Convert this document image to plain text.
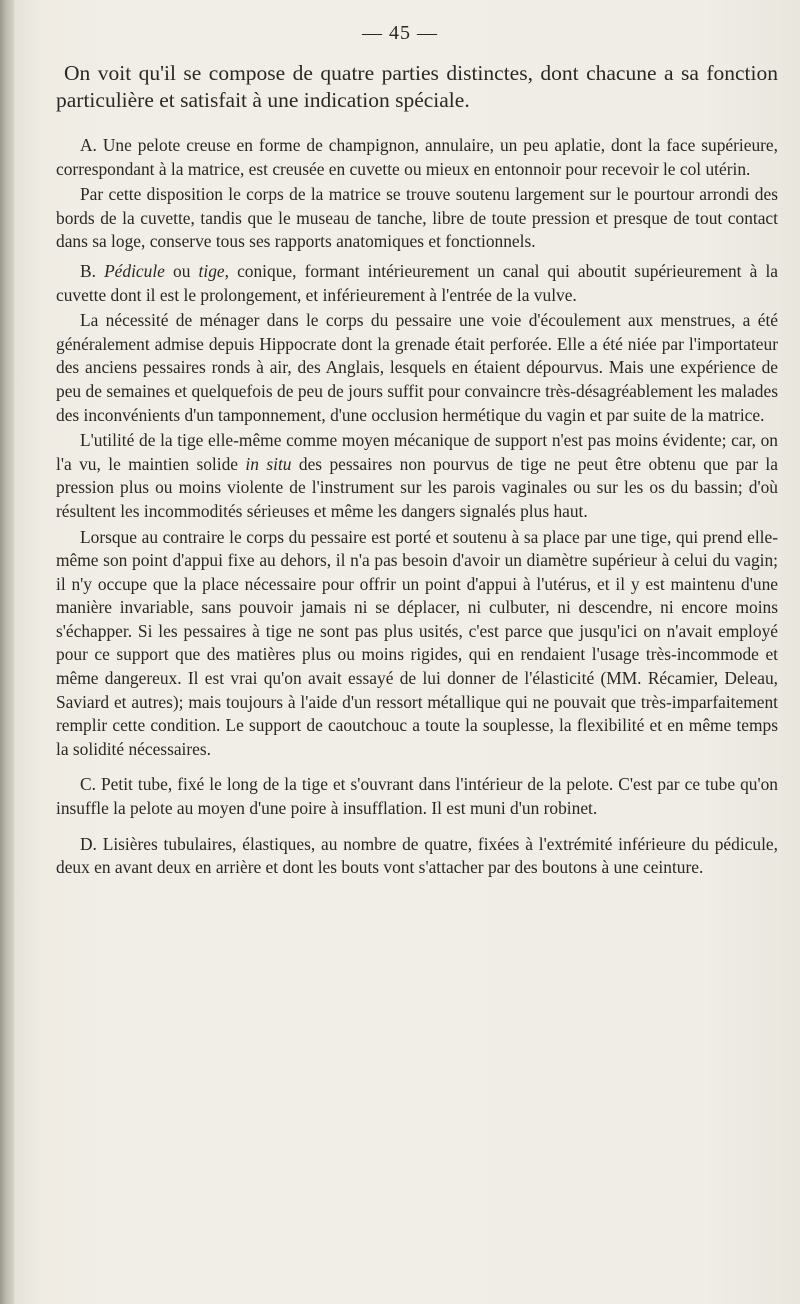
— 45 —

On voit qu'il se compose de quatre parties distinctes, dont chacune a sa fonction particulière et satisfait à une indication spéciale.

A. Une pelote creuse en forme de champignon, annulaire, un peu aplatie, dont la face supérieure, correspondant à la matrice, est creusée en cuvette ou mieux en entonnoir pour recevoir le col utérin.

Par cette disposition le corps de la matrice se trouve soutenu largement sur le pourtour arrondi des bords de la cuvette, tandis que le museau de tanche, libre de toute pression et presque de tout contact dans sa loge, conserve tous ses rapports anatomiques et fonctionnels.

B. Pédicule ou tige, conique, formant intérieurement un canal qui aboutit supérieurement à la cuvette dont il est le prolongement, et inférieurement à l'entrée de la vulve.

La nécessité de ménager dans le corps du pessaire une voie d'écoulement aux menstrues, a été généralement admise depuis Hippocrate dont la grenade était perforée. Elle a été niée par l'importateur des anciens pessaires ronds à air, des Anglais, lesquels en étaient dépourvus. Mais une expérience de peu de semaines et quelquefois de peu de jours suffit pour convaincre très-désagréablement les malades des inconvénients d'un tamponnement, d'une occlusion hermétique du vagin et par suite de la matrice.

L'utilité de la tige elle-même comme moyen mécanique de support n'est pas moins évidente; car, on l'a vu, le maintien solide in situ des pessaires non pourvus de tige ne peut être obtenu que par la pression plus ou moins violente de l'instrument sur les parois vaginales ou sur les os du bassin; d'où résultent les incommodités sérieuses et même les dangers signalés plus haut.

Lorsque au contraire le corps du pessaire est porté et soutenu à sa place par une tige, qui prend elle-même son point d'appui fixe au dehors, il n'a pas besoin d'avoir un diamètre supérieur à celui du vagin; il n'y occupe que la place nécessaire pour offrir un point d'appui à l'utérus, et il y est maintenu d'une manière invariable, sans pouvoir jamais ni se déplacer, ni culbuter, ni descendre, ni encore moins s'échapper. Si les pessaires à tige ne sont pas plus usités, c'est parce que jusqu'ici on n'avait employé pour ce support que des matières plus ou moins rigides, qui en rendaient l'usage très-incommode et même dangereux. Il est vrai qu'on avait essayé de lui donner de l'élasticité (MM. Récamier, Deleau, Saviard et autres); mais toujours à l'aide d'un ressort métallique qui ne pouvait que très-imparfaitement remplir cette condition. Le support de caoutchouc a toute la souplesse, la flexibilité et en même temps la solidité nécessaires.

C. Petit tube, fixé le long de la tige et s'ouvrant dans l'intérieur de la pelote. C'est par ce tube qu'on insuffle la pelote au moyen d'une poire à insufflation. Il est muni d'un robinet.

D. Lisières tubulaires, élastiques, au nombre de quatre, fixées à l'extrémité inférieure du pédicule, deux en avant deux en arrière et dont les bouts vont s'attacher par des boutons à une ceinture.
